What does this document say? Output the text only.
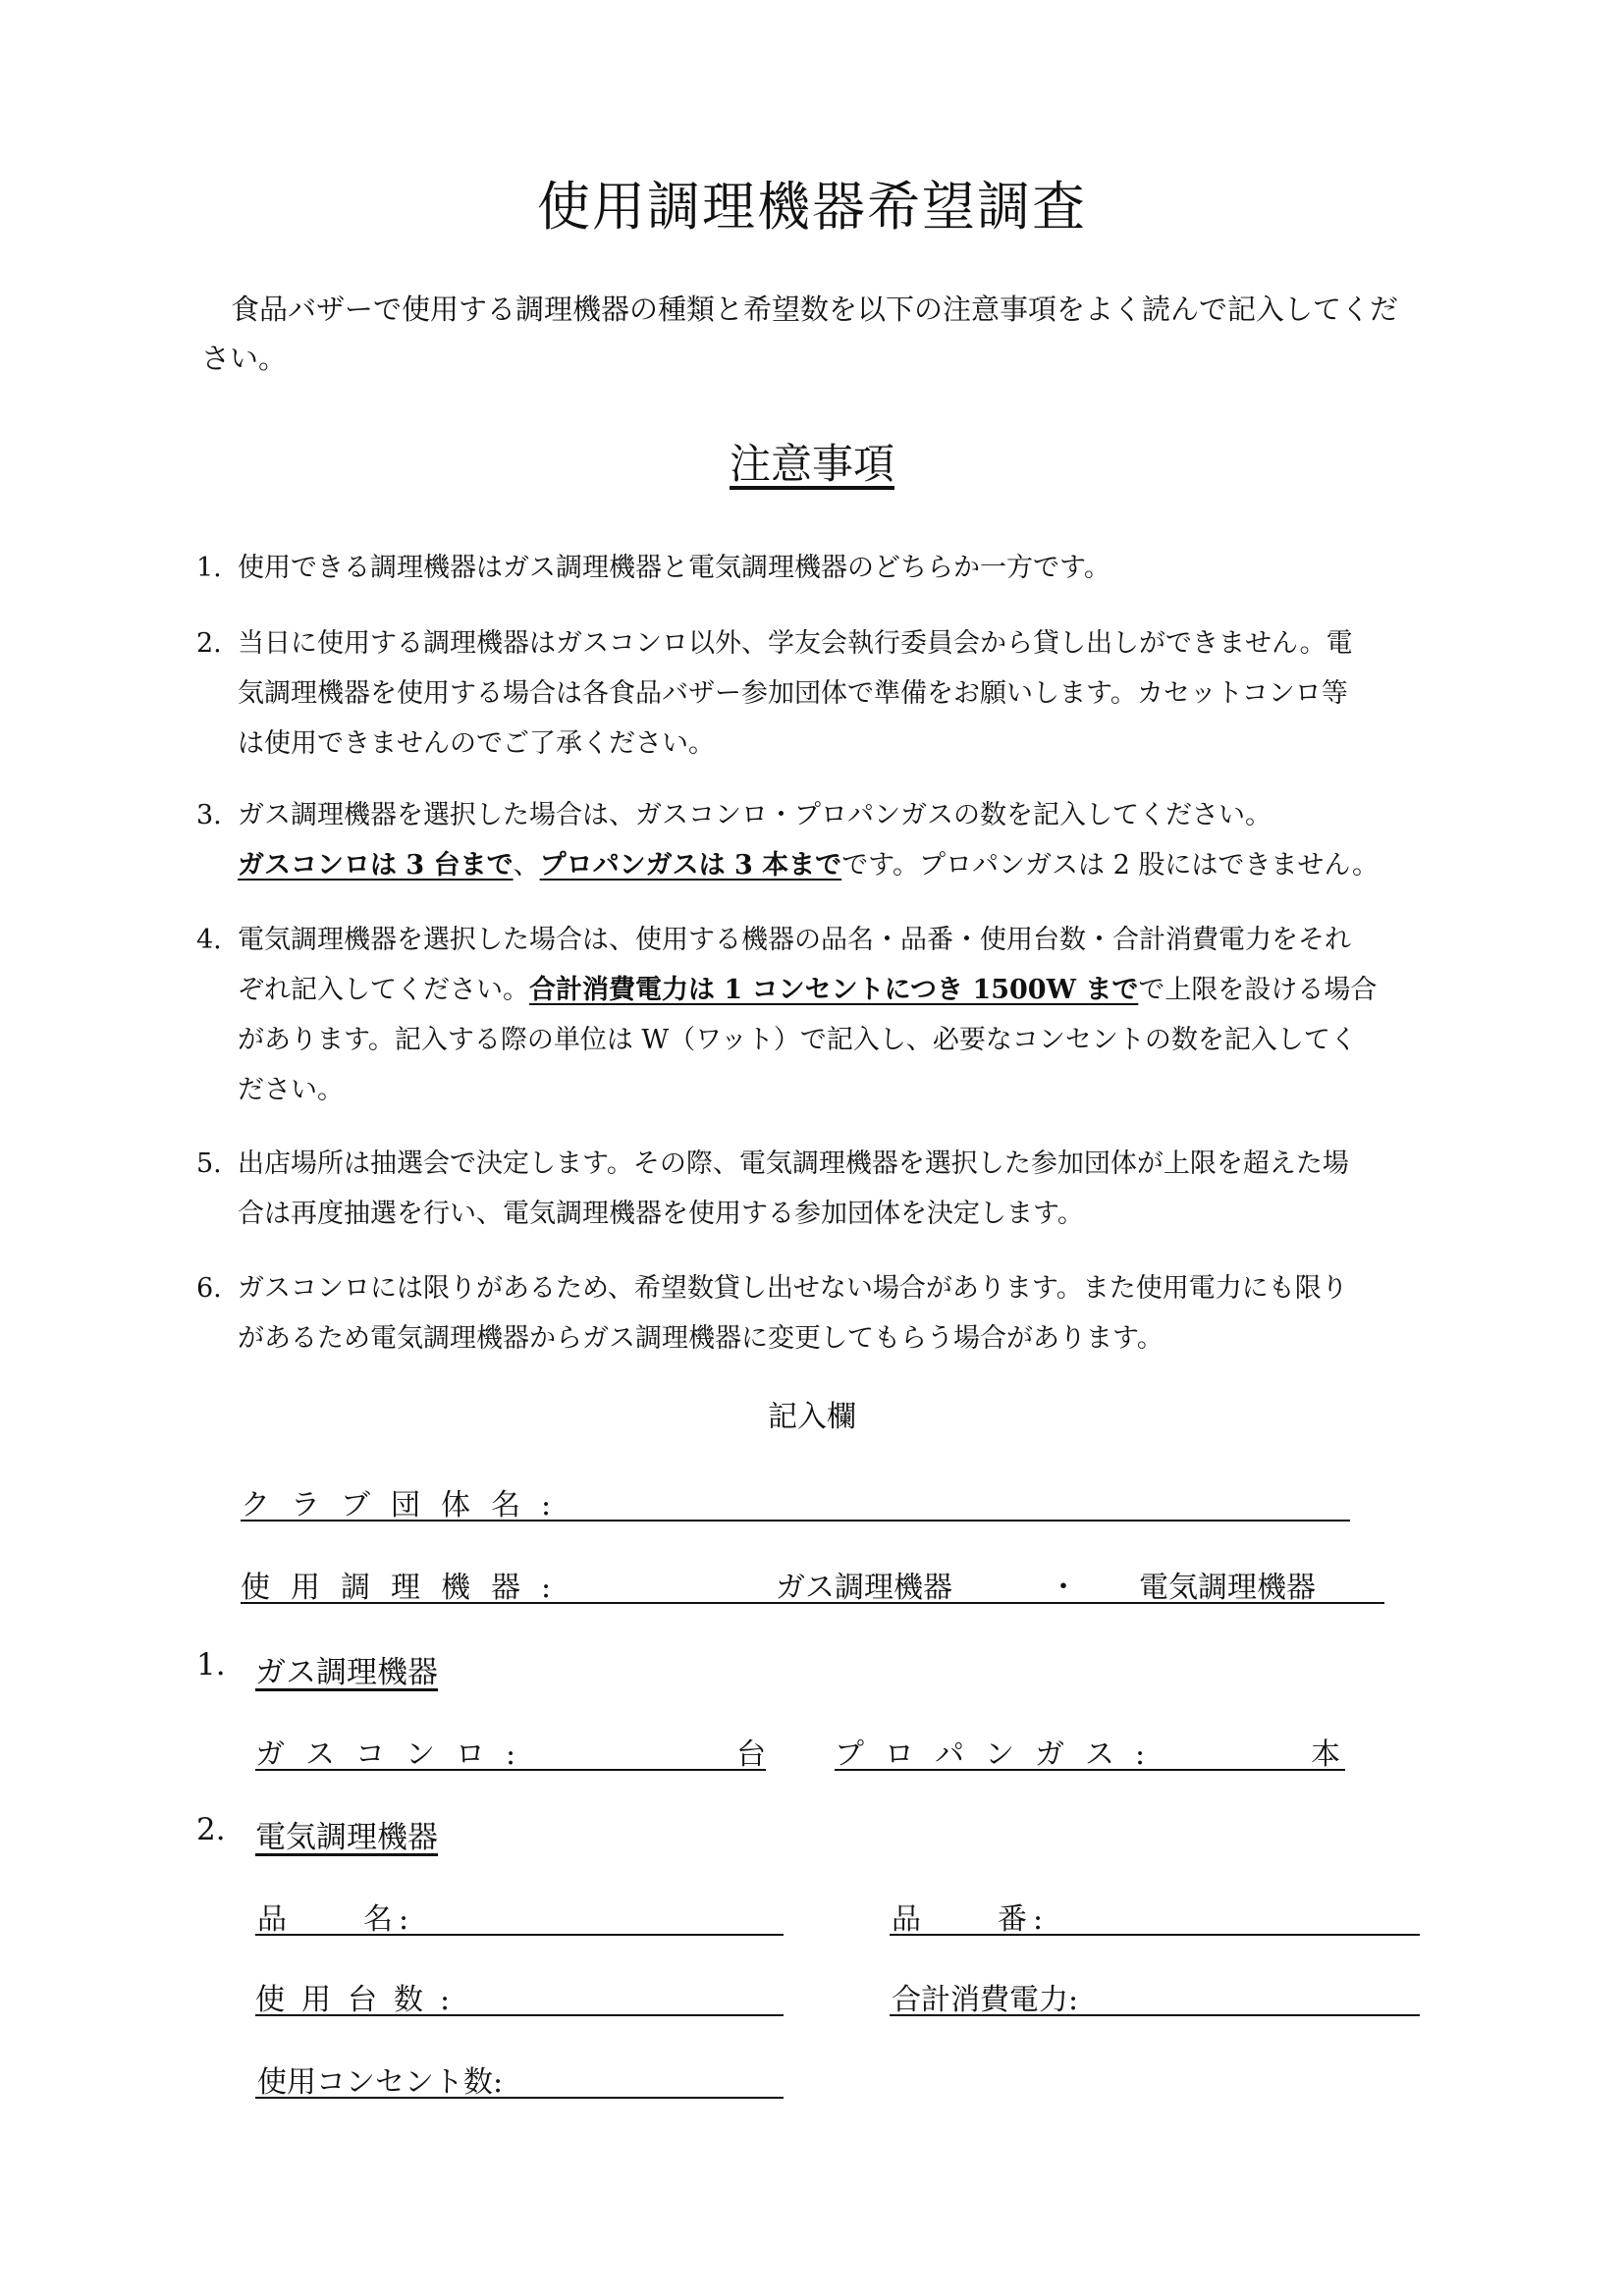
使用調理機器希望調査
食品バザーで使用する調理機器の種類と希望数を以下の注意事項をよく読んで記入してくだ
さい。
注意事項
1. 使用できる調理機器はガス調理機器と電気調理機器のどちらか一方です。
2. 当日に使用する調理機器はガスコンロ以外、学友会執行委員会から貸し出しができません。電
気調理機器を使用する場合は各食品バザー参加団体で準備をお願いします。カセットコンロ等
は使用できませんのでご了承ください。
3. ガス調理機器を選択した場合は、ガスコンロ・プロパンガスの数を記入してください。
ガスコンロは 3 台まで、プロパンガスは 3 本までです。プロパンガスは 2 股にはできません。
4. 電気調理機器を選択した場合は、使用する機器の品名・品番・使用台数・合計消費電力をそれ
ぞれ記入してください。合計消費電力は 1 コンセントにつき 1500W までで上限を設ける場合
があります。記入する際の単位は W（ワット）で記入し、必要なコンセントの数を記入してく
ださい。
5. 出店場所は抽選会で決定します。その際、電気調理機器を選択した参加団体が上限を超えた場
合は再度抽選を行い、電気調理機器を使用する参加団体を決定します。
6. ガスコンロには限りがあるため、希望数貸し出せない場合があります。また使用電力にも限り
があるため電気調理機器からガス調理機器に変更してもらう場合があります。
記入欄
クラブ団体名:
使用調理機器:	ガス調理機器	・ 電気調理機器
1. ガス調理機器
ガスコンロ:	台 プロパンガス:	本
2. 電気調理機器
品　　名:	品　　番:
使用台数:	合計消費電力:
使用コンセント数:
